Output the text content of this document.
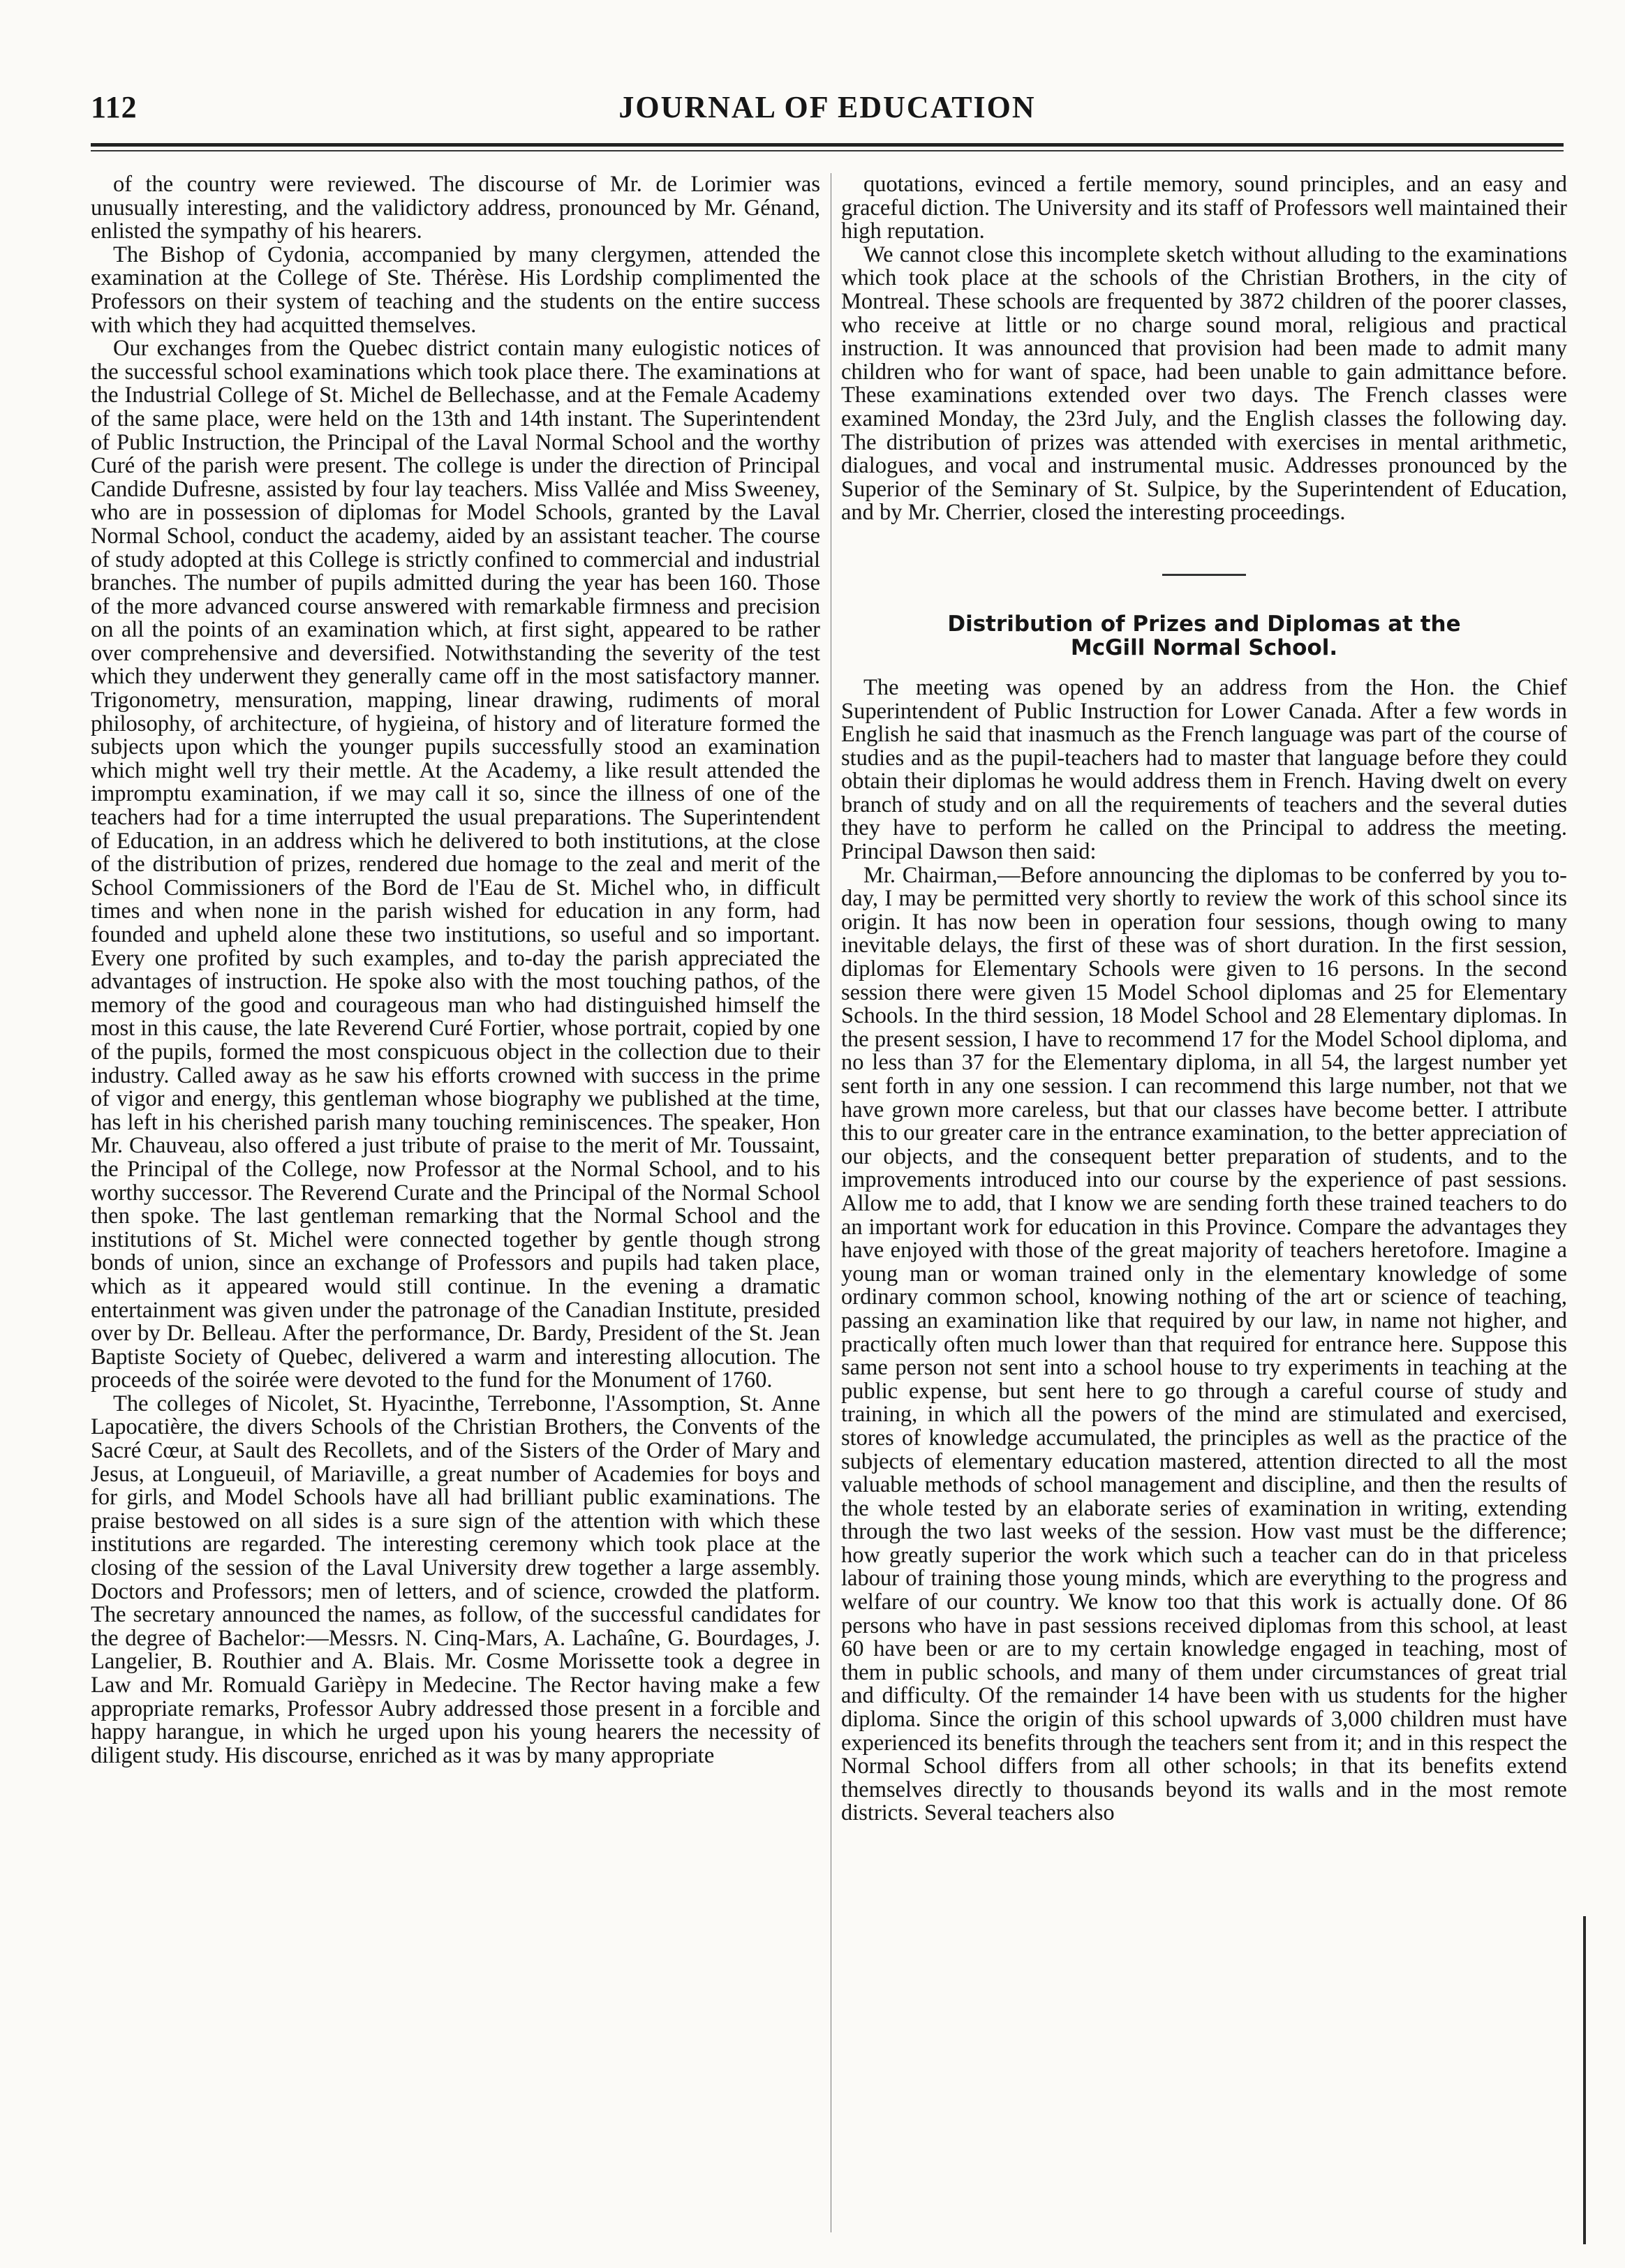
112	JOURNAL OF EDUCATION

of the country were reviewed. The discourse of Mr. de Lorimier was unusually interesting, and the validictory address, pronounced by Mr. Génand, enlisted the sympathy of his hearers.

The Bishop of Cydonia, accompanied by many clergymen, attended the examination at the College of Ste. Thérèse. His Lordship complimented the Professors on their system of teaching and the students on the entire success with which they had acquitted themselves.

Our exchanges from the Quebec district contain many eulogistic notices of the successful school examinations which took place there. The examinations at the Industrial College of St. Michel de Bellechasse, and at the Female Academy of the same place, were held on the 13th and 14th instant. The Superintendent of Public Instruction, the Principal of the Laval Normal School and the worthy Curé of the parish were present. The college is under the direction of Principal Candide Dufresne, assisted by four lay teachers. Miss Vallée and Miss Sweeney, who are in possession of diplomas for Model Schools, granted by the Laval Normal School, conduct the academy, aided by an assistant teacher. The course of study adopted at this College is strictly confined to commercial and industrial branches. The number of pupils admitted during the year has been 160. Those of the more advanced course answered with remarkable firmness and precision on all the points of an examination which, at first sight, appeared to be rather over comprehensive and deversified. Notwithstanding the severity of the test which they underwent they generally came off in the most satisfactory manner. Trigonometry, mensuration, mapping, linear drawing, rudiments of moral philosophy, of architecture, of hygieina, of history and of literature formed the subjects upon which the younger pupils successfully stood an examination which might well try their mettle. At the Academy, a like result attended the impromptu examination, if we may call it so, since the illness of one of the teachers had for a time interrupted the usual preparations. The Superintendent of Education, in an address which he delivered to both institutions, at the close of the distribution of prizes, rendered due homage to the zeal and merit of the School Commissioners of the Bord de l'Eau de St. Michel who, in difficult times and when none in the parish wished for education in any form, had founded and upheld alone these two institutions, so useful and so important. Every one profited by such examples, and to-day the parish appreciated the advantages of instruction. He spoke also with the most touching pathos, of the memory of the good and courageous man who had distinguished himself the most in this cause, the late Reverend Curé Fortier, whose portrait, copied by one of the pupils, formed the most conspicuous object in the collection due to their industry. Called away as he saw his efforts crowned with success in the prime of vigor and energy, this gentleman whose biography we published at the time, has left in his cherished parish many touching reminiscences. The speaker, Hon Mr. Chauveau, also offered a just tribute of praise to the merit of Mr. Toussaint, the Principal of the College, now Professor at the Normal School, and to his worthy successor. The Reverend Curate and the Principal of the Normal School then spoke. The last gentleman remarking that the Normal School and the institutions of St. Michel were connected together by gentle though strong bonds of union, since an exchange of Professors and pupils had taken place, which as it appeared would still continue. In the evening a dramatic entertainment was given under the patronage of the Canadian Institute, presided over by Dr. Belleau. After the performance, Dr. Bardy, President of the St. Jean Baptiste Society of Quebec, delivered a warm and interesting allocution. The proceeds of the soirée were devoted to the fund for the Monument of 1760.

The colleges of Nicolet, St. Hyacinthe, Terrebonne, l'Assomption, St. Anne Lapocatière, the divers Schools of the Christian Brothers, the Convents of the Sacré Cœur, at Sault des Recollets, and of the Sisters of the Order of Mary and Jesus, at Longueuil, of Mariaville, a great number of Academies for boys and for girls, and Model Schools have all had brilliant public examinations. The praise bestowed on all sides is a sure sign of the attention with which these institutions are regarded. The interesting ceremony which took place at the closing of the session of the Laval University drew together a large assembly. Doctors and Professors; men of letters, and of science, crowded the platform. The secretary announced the names, as follow, of the successful candidates for the degree of Bachelor:—Messrs. N. Cinq-Mars, A. Lachaîne, G. Bourdages, J. Langelier, B. Routhier and A. Blais. Mr. Cosme Morissette took a degree in Law and Mr. Romuald Garièpy in Medecine. The Rector having make a few appropriate remarks, Professor Aubry addressed those present in a forcible and happy harangue, in which he urged upon his young hearers the necessity of diligent study. His discourse, enriched as it was by many appropriate

quotations, evinced a fertile memory, sound principles, and an easy and graceful diction. The University and its staff of Professors well maintained their high reputation.

We cannot close this incomplete sketch without alluding to the examinations which took place at the schools of the Christian Brothers, in the city of Montreal. These schools are frequented by 3872 children of the poorer classes, who receive at little or no charge sound moral, religious and practical instruction. It was announced that provision had been made to admit many children who for want of space, had been unable to gain admittance before. These examinations extended over two days. The French classes were examined Monday, the 23rd July, and the English classes the following day. The distribution of prizes was attended with exercises in mental arithmetic, dialogues, and vocal and instrumental music. Addresses pronounced by the Superior of the Seminary of St. Sulpice, by the Superintendent of Education, and by Mr. Cherrier, closed the interesting proceedings.

Distribution of Prizes and Diplomas at the
McGill Normal School.

The meeting was opened by an address from the Hon. the Chief Superintendent of Public Instruction for Lower Canada. After a few words in English he said that inasmuch as the French language was part of the course of studies and as the pupil-teachers had to master that language before they could obtain their diplomas he would address them in French. Having dwelt on every branch of study and on all the requirements of teachers and the several duties they have to perform he called on the Principal to address the meeting. Principal Dawson then said:

Mr. Chairman,—Before announcing the diplomas to be conferred by you to-day, I may be permitted very shortly to review the work of this school since its origin. It has now been in operation four sessions, though owing to many inevitable delays, the first of these was of short duration. In the first session, diplomas for Elementary Schools were given to 16 persons. In the second session there were given 15 Model School diplomas and 25 for Elementary Schools. In the third session, 18 Model School and 28 Elementary diplomas. In the present session, I have to recommend 17 for the Model School diploma, and no less than 37 for the Elementary diploma, in all 54, the largest number yet sent forth in any one session. I can recommend this large number, not that we have grown more careless, but that our classes have become better. I attribute this to our greater care in the entrance examination, to the better appreciation of our objects, and the consequent better preparation of students, and to the improvements introduced into our course by the experience of past sessions. Allow me to add, that I know we are sending forth these trained teachers to do an important work for education in this Province. Compare the advantages they have enjoyed with those of the great majority of teachers heretofore. Imagine a young man or woman trained only in the elementary knowledge of some ordinary common school, knowing nothing of the art or science of teaching, passing an examination like that required by our law, in name not higher, and practically often much lower than that required for entrance here. Suppose this same person not sent into a school house to try experiments in teaching at the public expense, but sent here to go through a careful course of study and training, in which all the powers of the mind are stimulated and exercised, stores of knowledge accumulated, the principles as well as the practice of the subjects of elementary education mastered, attention directed to all the most valuable methods of school management and discipline, and then the results of the whole tested by an elaborate series of examination in writing, extending through the two last weeks of the session. How vast must be the difference; how greatly superior the work which such a teacher can do in that priceless labour of training those young minds, which are everything to the progress and welfare of our country. We know too that this work is actually done. Of 86 persons who have in past sessions received diplomas from this school, at least 60 have been or are to my certain knowledge engaged in teaching, most of them in public schools, and many of them under circumstances of great trial and difficulty. Of the remainder 14 have been with us students for the higher diploma. Since the origin of this school upwards of 3,000 children must have experienced its benefits through the teachers sent from it; and in this respect the Normal School differs from all other schools; in that its benefits extend themselves directly to thousands beyond its walls and in the most remote districts. Several teachers also
